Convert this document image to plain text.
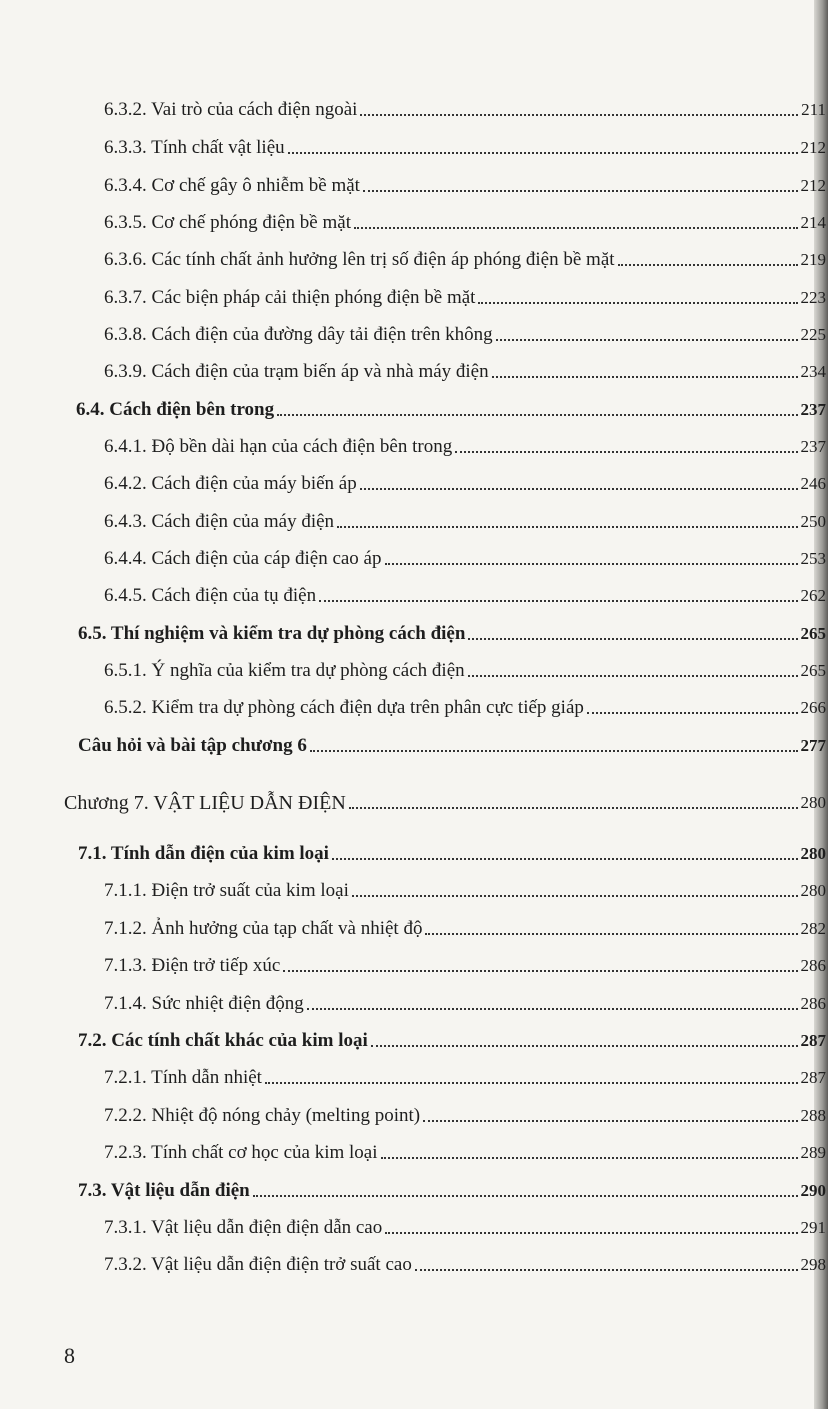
6.3.2. Vai trò của cách điện ngoài	211
6.3.3. Tính chất vật liệu	212
6.3.4. Cơ chế gây ô nhiễm bề mặt	212
6.3.5. Cơ chế phóng điện bề mặt	214
6.3.6. Các tính chất ảnh hưởng lên trị số điện áp phóng điện bề mặt	219
6.3.7. Các biện pháp cải thiện phóng điện bề mặt	223
6.3.8. Cách điện của đường dây tải điện trên không	225
6.3.9. Cách điện của trạm biến áp và nhà máy điện	234
6.4. Cách điện bên trong	237
6.4.1. Độ bền dài hạn của cách điện bên trong	237
6.4.2. Cách điện của máy biến áp	246
6.4.3. Cách điện của máy điện	250
6.4.4. Cách điện của cáp điện cao áp	253
6.4.5. Cách điện của tụ điện	262
6.5. Thí nghiệm và kiểm tra dự phòng cách điện	265
6.5.1. Ý nghĩa của kiểm tra dự phòng cách điện	265
6.5.2. Kiểm tra dự phòng cách điện dựa trên phân cực tiếp giáp	266
Câu hỏi và bài tập chương 6	277
Chương 7. VẬT LIỆU DẪN ĐIỆN	280
7.1. Tính dẫn điện của kim loại	280
7.1.1. Điện trở suất của kim loại	280
7.1.2. Ảnh hưởng của tạp chất và nhiệt độ	282
7.1.3. Điện trở tiếp xúc	286
7.1.4. Sức nhiệt điện động	286
7.2. Các tính chất khác của kim loại	287
7.2.1. Tính dẫn nhiệt	287
7.2.2. Nhiệt độ nóng chảy (melting point)	288
7.2.3. Tính chất cơ học của kim loại	289
7.3. Vật liệu dẫn điện	290
7.3.1. Vật liệu dẫn điện điện dẫn cao	291
7.3.2. Vật liệu dẫn điện điện trở suất cao	298
8
